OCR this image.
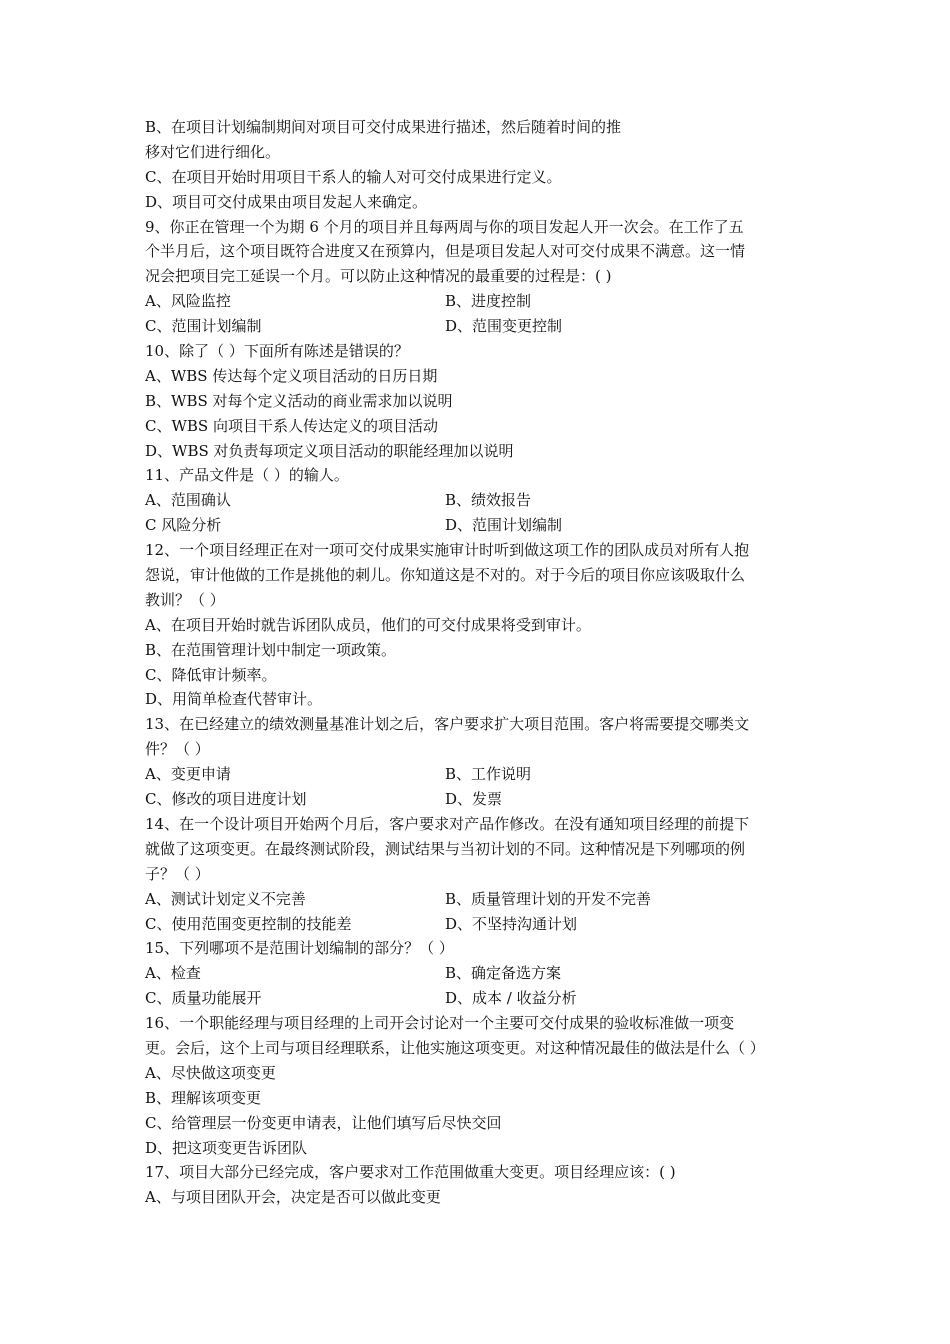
B、在项目计划编制期间对项目可交付成果进行描述，然后随着时间的推
移对它们进行细化。
C、在项目开始时用项目干系人的输人对可交付成果进行定义。
D、项目可交付成果由项目发起人来确定。
9、你正在管理一个为期 6 个月的项目并且每两周与你的项目发起人开一次会。在工作了五
个半月后，这个项目既符合进度又在预算内，但是项目发起人对可交付成果不满意。这一情
况会把项目完工延误一个月。可以防止这种情况的最重要的过程是：( )
A、风险监控	B、进度控制
C、范围计划编制	D、范围变更控制
10、除了（ ）下面所有陈述是错误的？
A、WBS 传达每个定义项目活动的日历日期
B、WBS 对每个定义活动的商业需求加以说明
C、WBS 向项目干系人传达定义的项目活动
D、WBS 对负责每项定义项目活动的职能经理加以说明
11、产品文件是（ ）的输人。
A、范围确认	B、绩效报告
C 风险分析	D、范围计划编制
12、一个项目经理正在对一项可交付成果实施审计时听到做这项工作的团队成员对所有人抱
怨说，审计他做的工作是挑他的刺儿。你知道这是不对的。对于今后的项目你应该吸取什么
教训？（ ）
A、在项目开始时就告诉团队成员，他们的可交付成果将受到审计。
B、在范围管理计划中制定一项政策。
C、降低审计频率。
D、用简单检查代替审计。
13、在已经建立的绩效测量基准计划之后，客户要求扩大项目范围。客户将需要提交哪类文
件？（ ）
A、变更申请	B、工作说明
C、修改的项目进度计划	D、发票
14、在一个设计项目开始两个月后，客户要求对产品作修改。在没有通知项目经理的前提下
就做了这项变更。在最终测试阶段，测试结果与当初计划的不同。这种情况是下列哪项的例
子？（ ）
A、测试计划定义不完善	B、质量管理计划的开发不完善
C、使用范围变更控制的技能差	D、不坚持沟通计划
15、下列哪项不是范围计划编制的部分？（ ）
A、检查	B、确定备选方案
C、质量功能展开	D、成本 / 收益分析
16、一个职能经理与项目经理的上司开会讨论对一个主要可交付成果的验收标准做一项变
更。会后，这个上司与项目经理联系，让他实施这项变更。对这种情况最佳的做法是什么（ ）
A、尽快做这项变更
B、理解该项变更
C、给管理层一份变更申请表，让他们填写后尽快交回
D、把这项变更告诉团队
17、项目大部分已经完成，客户要求对工作范围做重大变更。项目经理应该：( )
A、与项目团队开会，决定是否可以做此变更
